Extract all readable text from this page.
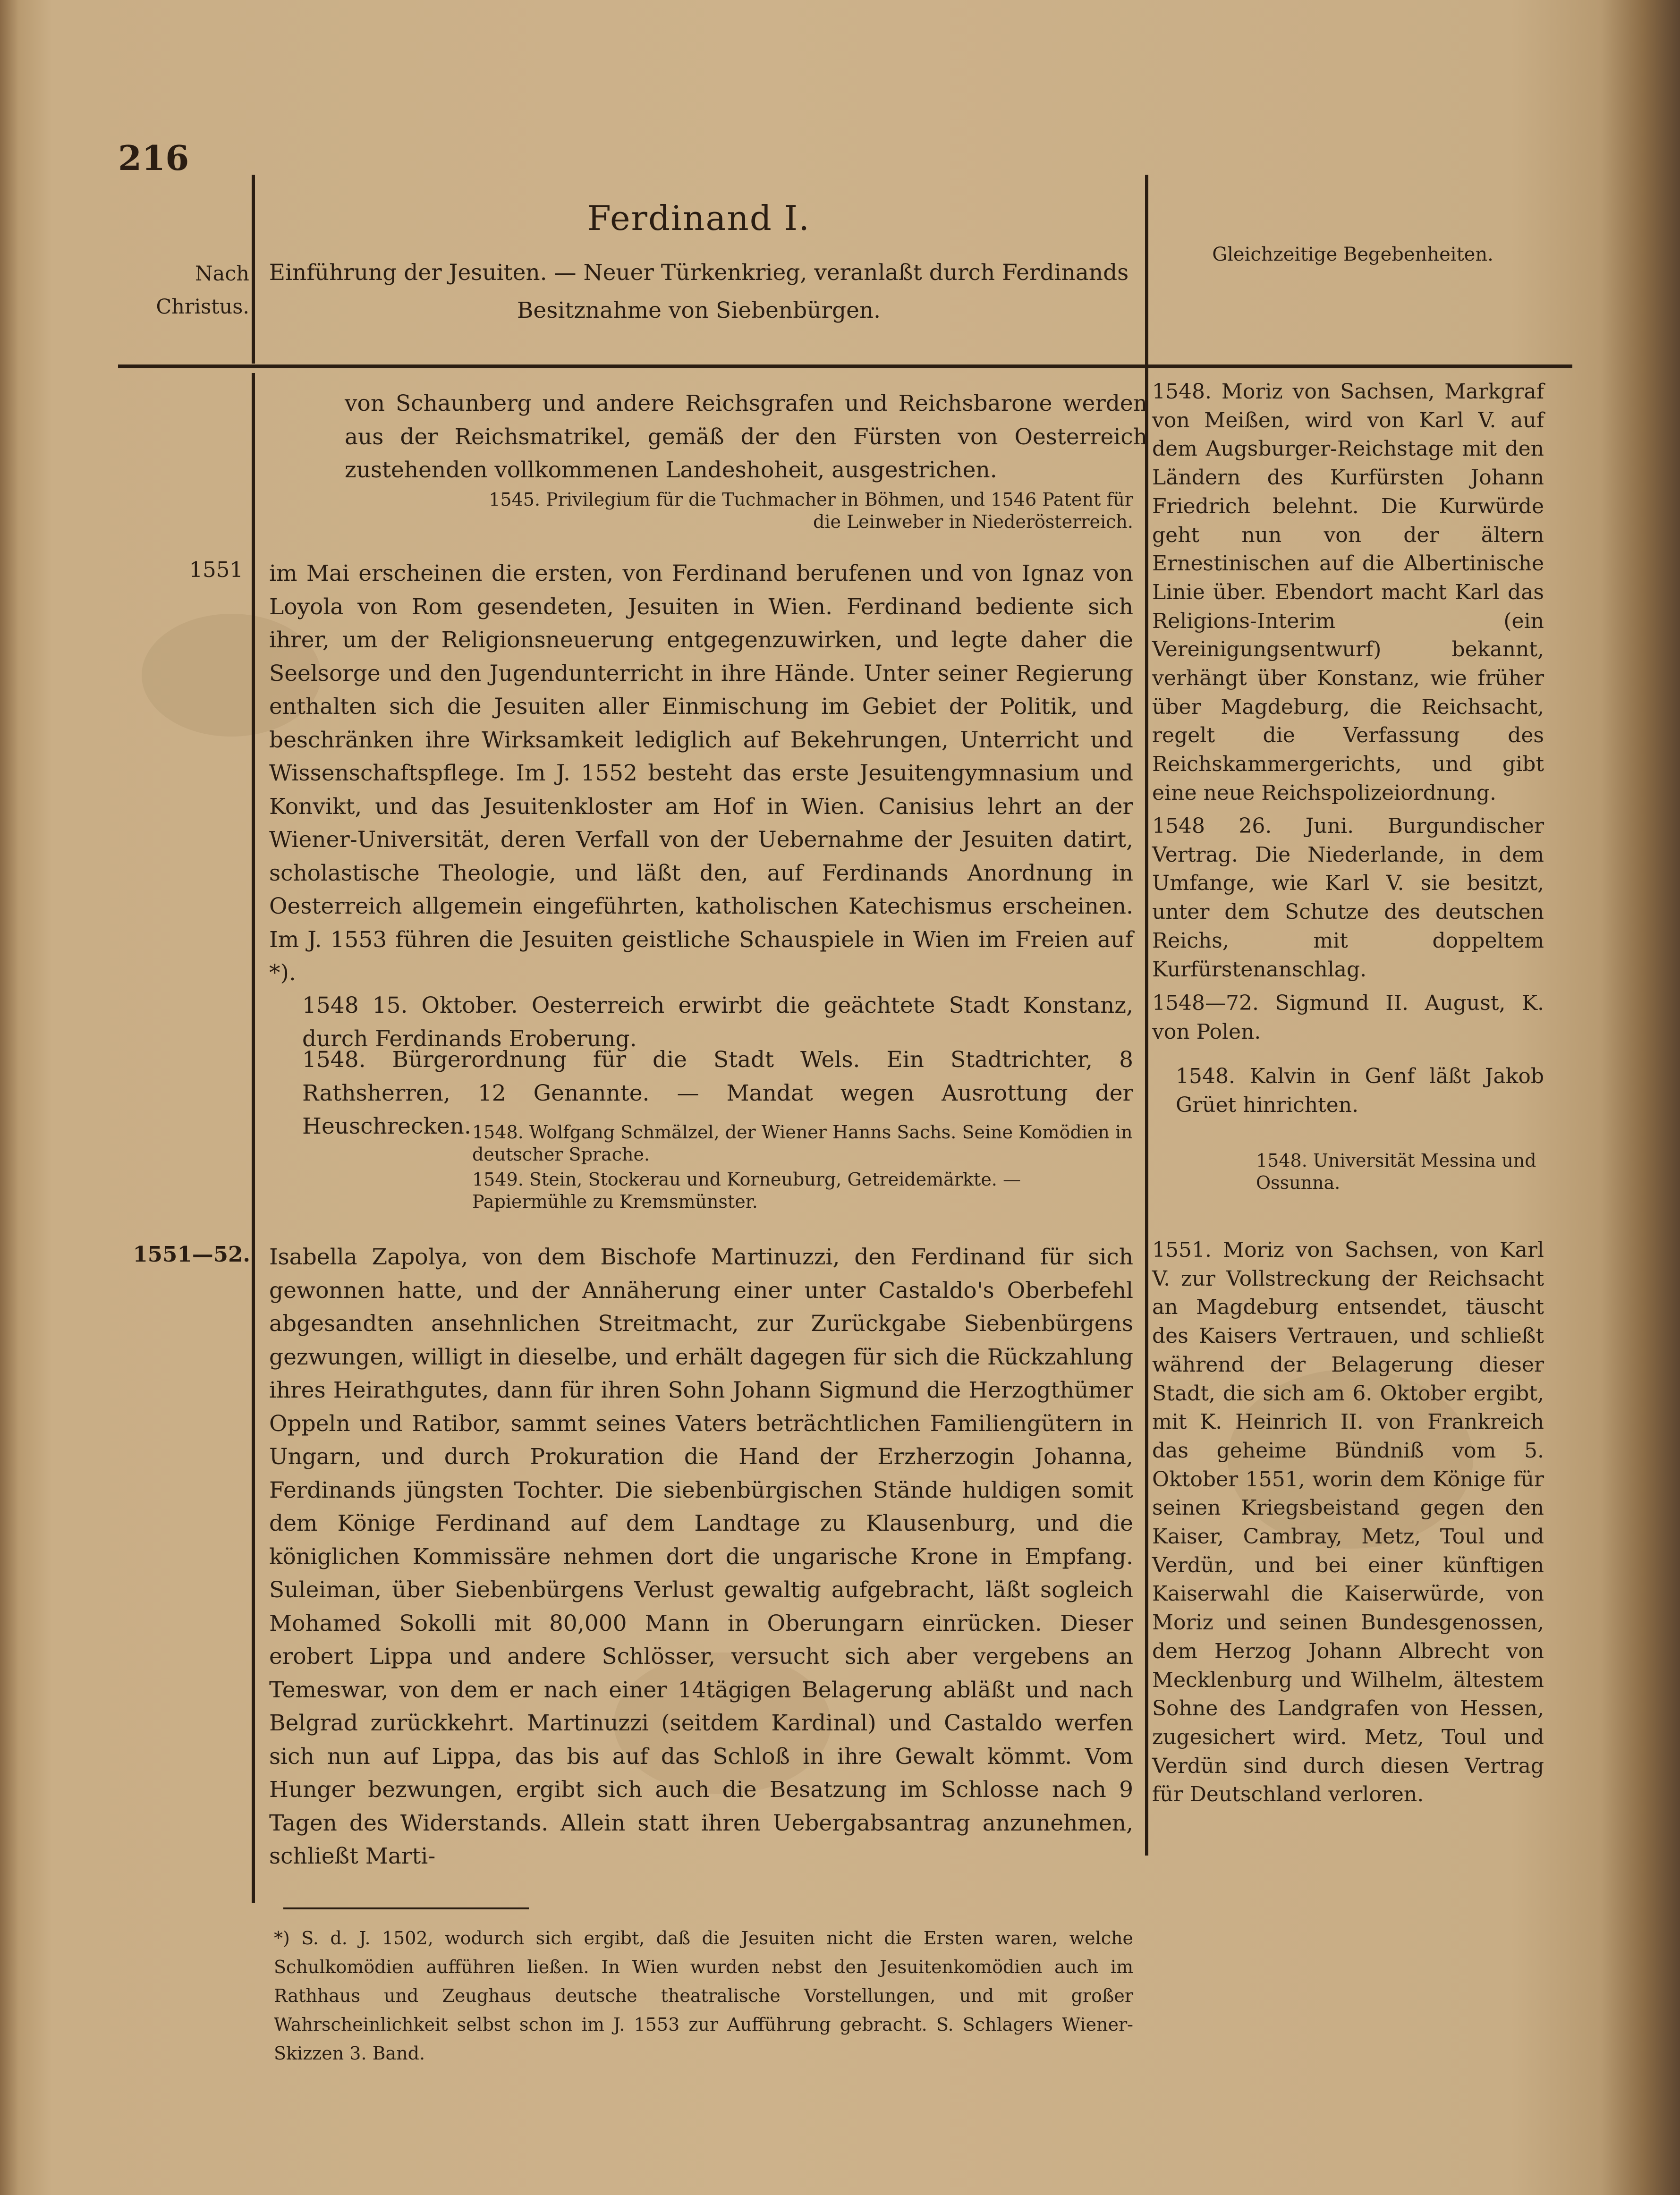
216
Ferdinand I.
Einführung der Jesuiten. — Neuer Türkenkrieg, veranlaßt durch Ferdinands
Besitznahme von Siebenbürgen.
Nach
Christus.
Gleichzeitige Begebenheiten.
1551
1551—52.

von Schaunberg und andere Reichsgrafen und Reichsbarone werden aus der Reichsmatrikel, gemäß der den Fürsten von Oesterreich zustehenden vollkommenen Landeshoheit, ausgestrichen.

1545. Privilegium für die Tuchmacher in Böhmen, und 1546 Patent für die Leinweber in Niederösterreich.

im Mai erscheinen die ersten, von Ferdinand berufenen und von Ignaz von Loyola von Rom gesendeten, Jesuiten in Wien. Ferdinand bediente sich ihrer, um der Religionsneuerung entgegenzuwirken, und legte daher die Seelsorge und den Jugendunterricht in ihre Hände. Unter seiner Regierung enthalten sich die Jesuiten aller Einmischung im Gebiet der Politik, und beschränken ihre Wirksamkeit lediglich auf Bekehrungen, Unterricht und Wissenschaftspflege. Im J. 1552 besteht das erste Jesuitengymnasium und Konvikt, und das Jesuitenkloster am Hof in Wien. Canisius lehrt an der Wiener-Universität, deren Verfall von der Uebernahme der Jesuiten datirt, scholastische Theologie, und läßt den, auf Ferdinands Anordnung in Oesterreich allgemein eingeführten, katholischen Katechismus erscheinen. Im J. 1553 führen die Jesuiten geistliche Schauspiele in Wien im Freien auf *).

1548 15. Oktober. Oesterreich erwirbt die geächtete Stadt Konstanz, durch Ferdinands Eroberung.

1548. Bürgerordnung für die Stadt Wels. Ein Stadtrichter, 8 Rathsherren, 12 Genannte. — Mandat wegen Ausrottung der Heuschrecken. 1548. Wolfgang Schmälzel, der Wiener Hanns Sachs. Seine Komödien in deutscher Sprache.

1549. Stein, Stockerau und Korneuburg, Getreidemärkte. — Papiermühle zu Kremsmünster.

Isabella Zapolya, von dem Bischofe Martinuzzi, den Ferdinand für sich gewonnen hatte, und der Annäherung einer unter Castaldo's Oberbefehl abgesandten ansehnlichen Streitmacht, zur Zurückgabe Siebenbürgens gezwungen, willigt in dieselbe, und erhält dagegen für sich die Rückzahlung ihres Heirathgutes, dann für ihren Sohn Johann Sigmund die Herzogthümer Oppeln und Ratibor, sammt seines Vaters beträchtlichen Familiengütern in Ungarn, und durch Prokuration die Hand der Erzherzogin Johanna, Ferdinands jüngsten Tochter. Die siebenbürgischen Stände huldigen somit dem Könige Ferdinand auf dem Landtage zu Klausenburg, und die königlichen Kommissäre nehmen dort die ungarische Krone in Empfang. Suleiman, über Siebenbürgens Verlust gewaltig aufgebracht, läßt sogleich Mohamed Sokolli mit 80,000 Mann in Oberungarn einrücken. Dieser erobert Lippa und andere Schlösser, versucht sich aber vergebens an Temeswar, von dem er nach einer 14tägigen Belagerung abläßt und nach Belgrad zurückkehrt. Martinuzzi (seitdem Kardinal) und Castaldo werfen sich nun auf Lippa, das bis auf das Schloß in ihre Gewalt kömmt. Vom Hunger bezwungen, ergibt sich auch die Besatzung im Schlosse nach 9 Tagen des Widerstands. Allein statt ihren Uebergabsantrag anzunehmen, schließt Marti-

*) S. d. J. 1502, wodurch sich ergibt, daß die Jesuiten nicht die Ersten waren, welche Schulkomödien aufführen ließen. In Wien wurden nebst den Jesuitenkomödien auch im Rathhaus und Zeughaus deutsche theatralische Vorstellungen, und mit großer Wahrscheinlichkeit selbst schon im J. 1553 zur Aufführung gebracht. S. Schlagers Wiener-Skizzen 3. Band.

1548. Moriz von Sachsen, Markgraf von Meißen, wird von Karl V. auf dem Augsburger-Reichstage mit den Ländern des Kurfürsten Johann Friedrich belehnt. Die Kurwürde geht nun von der ältern Ernestinischen auf die Albertinische Linie über. Ebendort macht Karl das Religions-Interim (ein Vereinigungsentwurf) bekannt, verhängt über Konstanz, wie früher über Magdeburg, die Reichsacht, regelt die Verfassung des Reichskammergerichts, und gibt eine neue Reichspolizeiordnung.

1548 26. Juni. Burgundischer Vertrag. Die Niederlande, in dem Umfange, wie Karl V. sie besitzt, unter dem Schutze des deutschen Reichs, mit doppeltem Kurfürstenanschlag.

1548—72. Sigmund II. August, K. von Polen.

1548. Kalvin in Genf läßt Jakob Grüet hinrichten.

1548. Universität Messina und Ossunna.

1551. Moriz von Sachsen, von Karl V. zur Vollstreckung der Reichsacht an Magdeburg entsendet, täuscht des Kaisers Vertrauen, und schließt während der Belagerung dieser Stadt, die sich am 6. Oktober ergibt, mit K. Heinrich II. von Frankreich das geheime Bündniß vom 5. Oktober 1551, worin dem Könige für seinen Kriegsbeistand gegen den Kaiser, Cambray, Metz, Toul und Verdün, und bei einer künftigen Kaiserwahl die Kaiserwürde, von Moriz und seinen Bundesgenossen, dem Herzog Johann Albrecht von Mecklenburg und Wilhelm, ältestem Sohne des Landgrafen von Hessen, zugesichert wird. Metz, Toul und Verdün sind durch diesen Vertrag für Deutschland verloren.
